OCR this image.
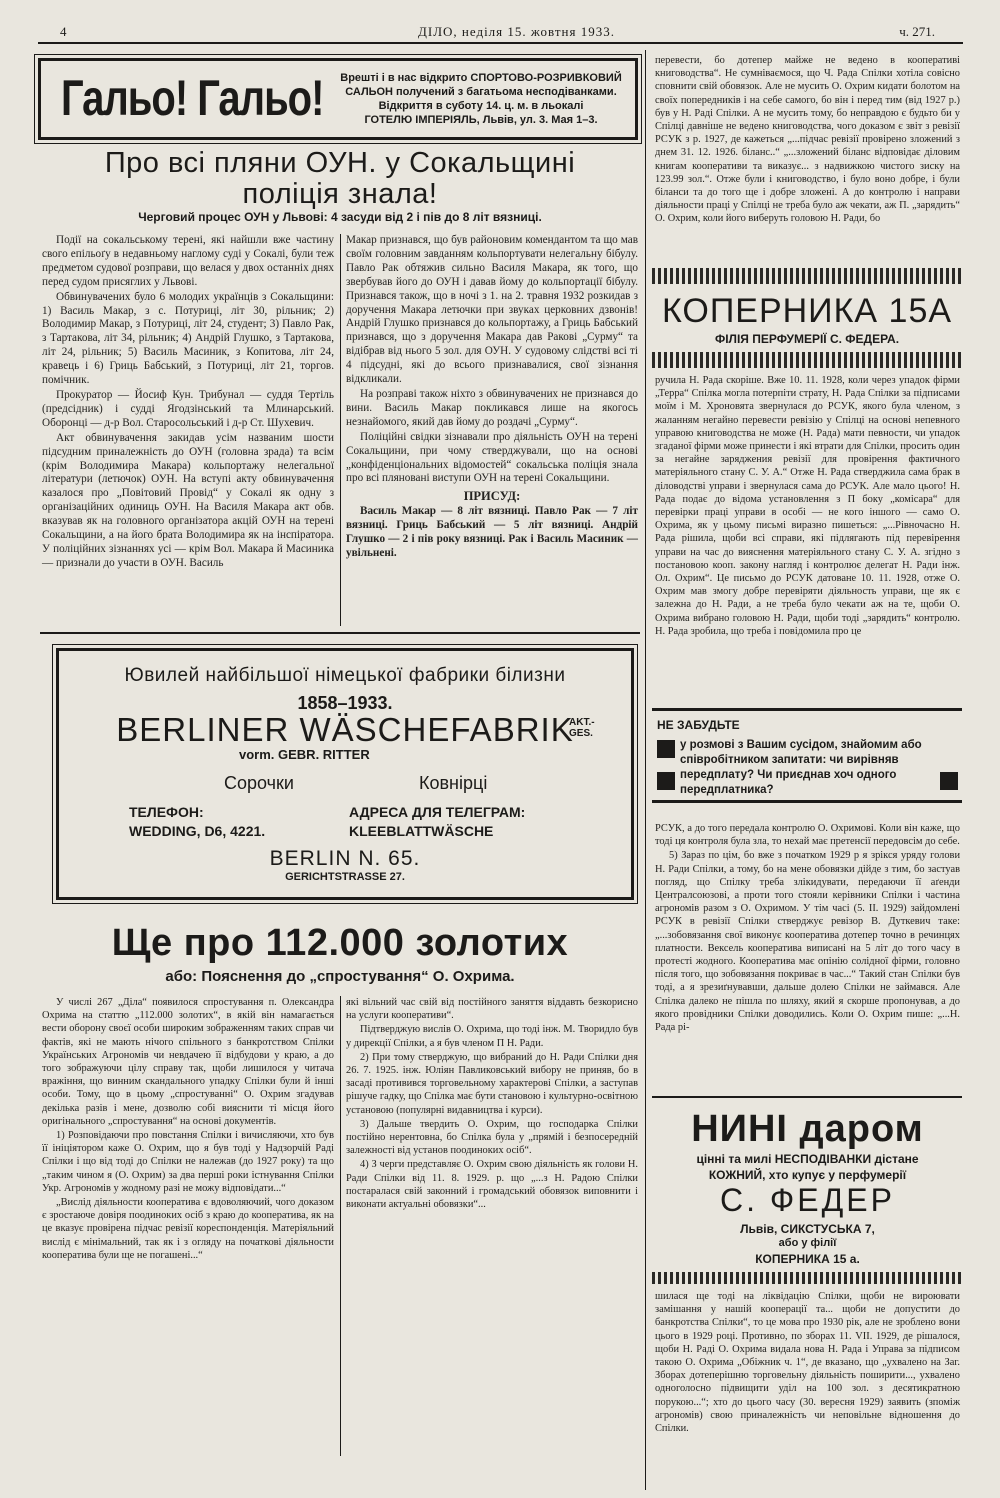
4	ДІЛО, неділя 15. жовтня 1933.	ч. 271.
Гальо! Гальо!	Врешті і в нас відкрито СПОРТОВО-РОЗРИВКОВИЙ
САЛЬОН получений з багатьома несподіванками.
Відкриття в суботу 14. ц. м. в льокалі
ГОТЕЛЮ ІМПЕРІЯЛЬ, Львів, ул. 3. Мая 1–3.
Про всі пляни ОУН. у Сокальщині
поліція знала!
Черговий процес ОУН у Львові: 4 засуди від 2 і пів до 8 літ вязниці.

Події на сокальському терені, які найшли вже частину свого епільоґу в недавньому наглому суді у Сокалі, були теж предметом судової розправи, що велася у двох останніх днях перед судом присяглих у Львові.

Обвинувачених було 6 молодих українців з Сокальщини: 1) Василь Макар, з с. Потуриці, літ 30, рільник; 2) Володимир Макар, з Потуриці, літ 24, студент; 3) Павло Рак, з Тартакова, літ 34, рільник; 4) Андрій Глушко, з Тартакова, літ 24, рільник; 5) Василь Масиник, з Копитова, літ 24, кравець і 6) Гриць Бабський, з Потуриці, літ 21, торгов. помічник.

Прокуратор — Йосиф Кун. Трибунал — суддя Тертіль (предсідник) і судді Ягодзінський та Млинарський. Оборонці — д-р Вол. Старосольський і д-р Ст. Шухевич.

Акт обвинувачення закидав усім названим шости підсудним приналежність до ОУН (головна зрада) та всім (крім Володимира Макара) кольпортажу нелегальної літератури (летючок) ОУН. На вступі акту обвинувачення казалося про „Повітовий Провід“ у Сокалі як одну з організаційних одиниць ОУН. На Василя Макара акт обв. вказував як на головного організатора акцій ОУН на терені Сокальщини, а на його брата Володимира як на інспіратора. У поліційних зізнаннях усі — крім Вол. Макара й Масиника — признали до участи в ОУН. Василь

Макар признався, що був районовим комендантом та що мав своїм головним завданням кольпортувати нелегальну бібулу. Павло Рак обтяжив сильно Василя Макара, як того, що звербував його до ОУН і давав йому до кольпортації бібулу. Признався також, що в ночі з 1. на 2. травня 1932 розкидав з доручення Макара летючки при звуках церковних дзвонів! Андрій Глушко признався до кольпортажу, а Гриць Бабський признався, що з доручення Макара дав Ракові „Сурму“ та відібрав від нього 5 зол. для ОУН. У судовому слідстві всі ті 4 підсудні, які до всього признавалися, свої зізнання відкликали.

На розправі також ніхто з обвинувачених не признався до вини. Василь Макар покликався лише на якогось незнайомого, який дав йому до роздачі „Сурму“.

Поліційні свідки зізнавали про діяльність ОУН на терені Сокальщини, при чому стверджували, що на основі „конфіденціональних відомостей“ сокальська поліція знала про всі пляновані виступи ОУН на терені Сокальщини.

ПРИСУД:

Василь Макар — 8 літ вязниці. Павло Рак — 7 літ вязниці. Гриць Бабський — 5 літ вязниці. Андрій Глушко — 2 і пів року вязниці. Рак і Василь Масиник — увільнені.

Ювилей найбільшої німецької фабрики білизни
1858–1933.
BERLINER WÄSCHEFABRIK
AKT.-
GES.
vorm. GEBR. RITTER
Сорочки	Ковнірці
ТЕЛЕФОН:
WEDDING, D6, 4221.
АДРЕСА ДЛЯ ТЕЛЕГРАМ:
KLEEBLATTWÄSCHE
BERLIN N. 65.
GERICHTSTRASSE 27.
Ще про 112.000 золотих
або: Пояснення до „спростування“ О. Охрима.

У числі 267 „Діла“ появилося спростування п. Олександра Охрима на статтю „112.000 золотих“, в якій він намагається вести оборону своєї особи широким зображенням таких справ чи фактів, які не мають нічого спільного з банкротством Спілки Українських Агрономів чи невдачею її відбудови у краю, а до того зображуючи цілу справу так, щоби лишилося у читача вражіння, що винним скандального упадку Спілки були й інші особи. Тому, що в цьому „спростуванні“ О. Охрим згадував декілька разів і мене, дозволю собі вияснити ті місця його оригінального „спростування“ на основі документів.

1) Розповідаючи про повстання Спілки і вичисляючи, хто був її ініціятором каже О. Охрим, що я був тоді у Надзорчій Раді Спілки і що від тоді до Спілки не належав (до 1927 року) та що „таким чином я (О. Охрим) за два перші роки істнування Спілки Укр. Агрономів у жодному разі не можу відповідати...“

„Вислід діяльности кооператива є вдоволяючий, чого доказом є зростаюче довіря поодиноких осіб з краю до кооператива, як на це вказує провірена підчас ревізії кореспонденція. Матеріяльний вислід є мінімальний, так як і з огляду на початкові діяльности кооператива були ще не погашені...“

які вільний час свій від постійного заняття віддавть безкорисно на услуги кооперативи“.

Підтверджую вислів О. Охрима, що тоді інж. М. Творидло був у дирекції Спілки, а я був членом П Н. Ради.

2) При тому стверджую, що вибраний до Н. Ради Спілки дня 26. 7. 1925. інж. Юліян Павликовський вибору не приняв, бо в засаді противився торговельному характерові Спілки, а заступав рішуче гадку, що Спілка має бути становою і культурно-освітною установою (популярні видавництва і курси).

3) Дальше твердить О. Охрим, що господарка Спілки постійно нерентовна, бо Спілка була у „прямій і безпосередній залежності від установ поодиноких осіб“.

4) З черги представляє О. Охрим свою діяльність як голови Н. Ради Спілки від 11. 8. 1929. р. що „...з Н. Радою Спілки постаралася свій законний і громадський обовязок виповнити і виконати актуальні обовязки“...

перевести, бо дотепер майже не ведено в кооперативі книговодства“. Не сумніваємося, що Ч. Рада Спілки хотіла совісно сповнити свій обовязок. Але не мусить О. Охрим кидати болотом на своїх попередників і на себе самого, бо він і перед тим (від 1927 р.) був у Н. Раді Спілки. А не мусить тому, бо неправдою є будьто би у Спілці давніше не ведено книговодства, чого доказом є звіт з ревізії РСУК з р. 1927, де кажеться „...підчас ревізії провірено зложений з днем 31. 12. 1926. біланс..“ „...зложений біланс відповідає діловим книгам кооперативи та виказує... з надвижкою чистого зиску на 123.99 зол.“. Отже були і книговодство, і було воно добре, і були біланси та до того ще і добре зложені. А до контролю і направи діяльности праці у Спілці не треба було аж чекати, аж П. „зарядить“ О. Охрим, коли його виберуть головою Н. Ради, бо

КОПЕРНИКА 15А
ФІЛІЯ ПЕРФУМЕРІЇ С. ФЕДЕРА.

ручила Н. Рада скоріше. Вже 10. 11. 1928, коли через упадок фірми „Терра“ Спілка могла потерпіти страту, Н. Рада Спілки за підписами моїм і М. Хроновята звернулася до РСУК, якого була членом, з жаланням негайно перевести ревізію у Спілці на основі непевного управою книговодства не може (Н. Рада) мати певности, чи упадок згаданої фірми може принести і які втрати для Спілки, просить один за негайне заряджения ревізії для провірення фактичного матеріяльного стану С. У. А.“ Отже Н. Рада стверджила сама брак в діловодстві управи і звернулася сама до РСУК. Але мало цього! Н. Рада подає до відома установлення з П боку „комісара“ для перевірки праці управи в особі — не кого іншого — само О. Охрима, як у цьому письмі виразно пишеться: „...Рівночасно Н. Рада рішила, щоби всі справи, які підлягають під перевірення управи на час до вияснення матеріяльного стану С. У. А. згідно з постановою кооп. закону нагляд і контролює делегат Н. Ради інж. Ол. Охрим“. Це письмо до РСУК датоване 10. 11. 1928, отже О. Охрим мав змогу добре перевіряти діяльность управи, ще як є залежна до Н. Ради, а не треба було чекати аж на те, щоби О. Охрима вибрано головою Н. Ради, щоби тоді „зарядить“ контролю. Н. Рада зробила, що треба і повідомила про це

НЕ ЗАБУДЬТЕ
у розмові з Вашим сусідом, знайомим або співробітником запитати: чи вирівняв передплату? Чи приєднав хоч одного передплатника?

РСУК, а до того передала контролю О. Охримові. Коли він каже, що тоді ця контроля була зла, то нехай має претенсії передовсім до себе.

5) Зараз по цім, бо вже з початком 1929 р я зрікся уряду голови Н. Ради Спілки, а тому, бо на мене обовязки дійде з тим, бо застуав погляд, що Спілку треба злікидувати, передаючи її аґенди Централсоюзові, а проти того стояли керівники Спілки і частина агрономів разом з О. Охримом. У тім часі (5. II. 1929) зайдомлені РСУК в ревізії Спілки стверджує ревізор В. Дуткевич таке: „...зобовязання свої виконує кооператива дотепер точно в речинцях платности. Вексель кооператива виписані на 5 літ до того часу в протесті жодного. Кооператива має опінію солідної фірми, головно після того, що зобовязання покриває в час...“ Такий стан Спілки був тоді, а я зрезиґнувавши, дальше долею Спілки не займався. Але Спілка далеко не пішла по шляху, який я скорше пропонував, а до якого провідники Спілки доводились. Коли О. Охрим пише: „...Н. Рада рі-

НИНІ даром
цінні та милі НЕСПОДІВАНКИ дістане
КОЖНИЙ, хто купує у перфумерії
С. ФЕДЕР
Львів, СИКСТУСЬКА 7,
або у філії
КОПЕРНИКА 15 а.

шилася ще тоді на ліквідацію Спілки, щоби не вироювати замішання у нашій кооперації та... щоби не допустити до банкротства Спілки“, то це мова про 1930 рік, але не зроблено вони цього в 1929 році. Противно, по зборах 11. VII. 1929, де рішалося, щоби Н. Раді О. Охрима видала нова Н. Рада і Управа за підписом такою О. Охрима „Обіжник ч. 1“, де вказано, що „ухвалено на Заг. Зборах дотеперішню торговельну діяльність поширити..., ухвалено одноголосно підвищити уділ на 100 зол. з десятикратною порукою...“; хто до цього часу (30. вересня 1929) заявить (зпоміж агрономів) свою приналежність чи неповільне відношення до Спілки.
